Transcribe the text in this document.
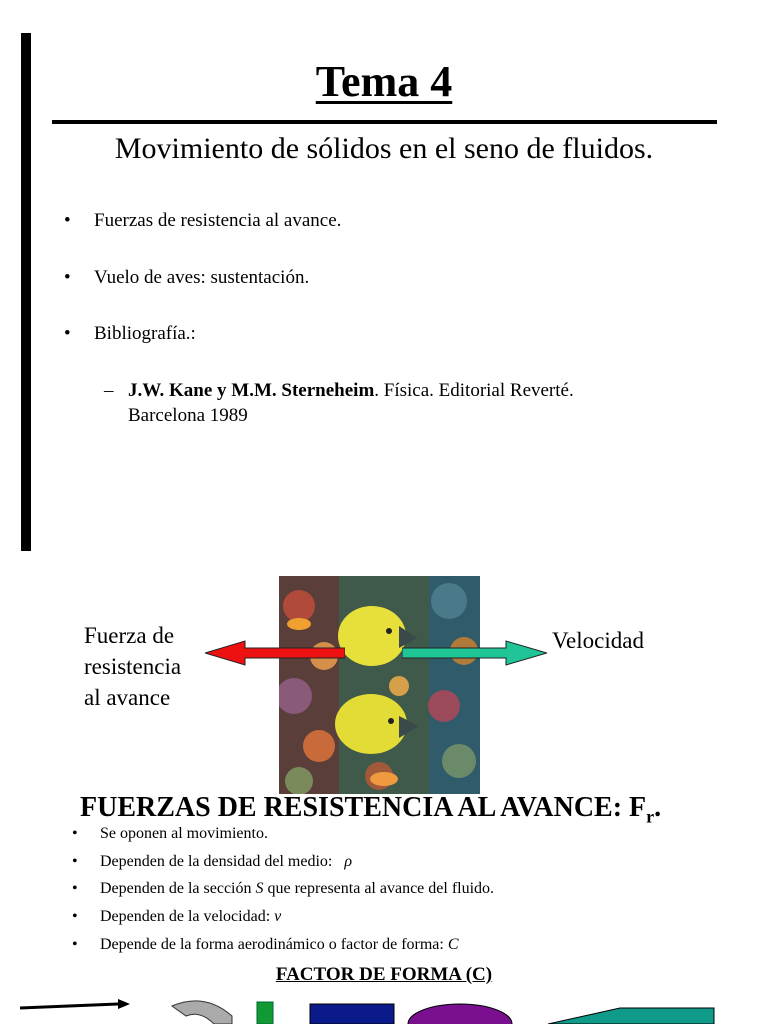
Tema 4
Movimiento de sólidos en el seno de fluidos.
• Fuerzas de resistencia al avance.
• Vuelo de aves: sustentación.
• Bibliografía.:
– J.W. Kane y M.M. Sterneheim. Física. Editorial Reverté.
Barcelona 1989
Fuerza de
resistencia
al avance
Velocidad
FUERZAS DE RESISTENCIA AL AVANCE: $F_r$.
• Se oponen al movimiento.
• Dependen de la densidad del medio: ρ
• Dependen de la sección S que representa al avance del fluido.
• Dependen de la velocidad: v
• Depende de la forma aerodinámico o factor de forma: C
FACTOR DE FORMA (C)
